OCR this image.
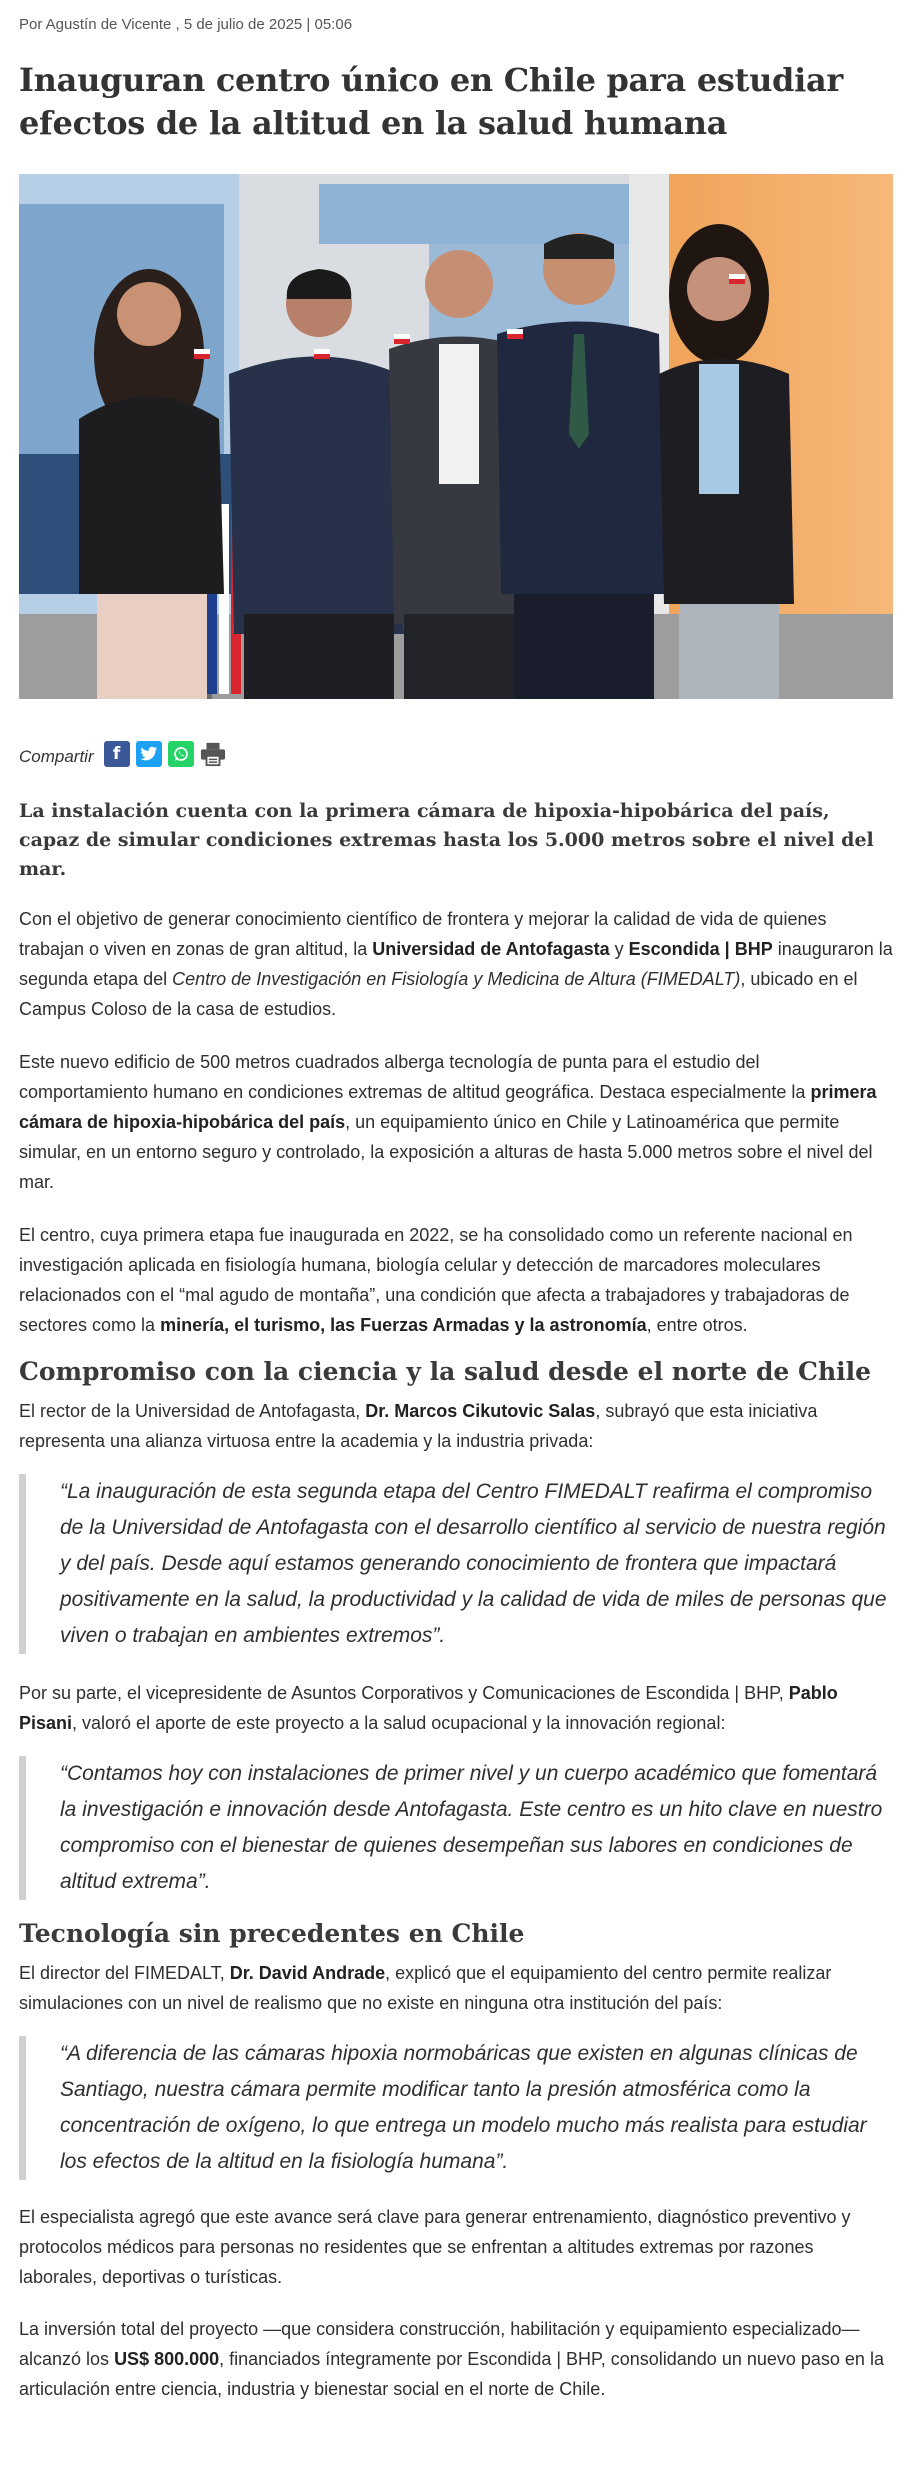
Por Agustín de Vicente , 5 de julio de 2025 | 05:06
Inauguran centro único en Chile para estudiar efectos de la altitud en la salud humana
Compartir	f
La instalación cuenta con la primera cámara de hipoxia-hipobárica del país, capaz de simular condiciones extremas hasta los 5.000 metros sobre el nivel del mar.

Con el objetivo de generar conocimiento científico de frontera y mejorar la calidad de vida de quienes trabajan o viven en zonas de gran altitud, la Universidad de Antofagasta y Escondida | BHP inauguraron la segunda etapa del Centro de Investigación en Fisiología y Medicina de Altura (FIMEDALT), ubicado en el Campus Coloso de la casa de estudios.

Este nuevo edificio de 500 metros cuadrados alberga tecnología de punta para el estudio del comportamiento humano en condiciones extremas de altitud geográfica. Destaca especialmente la primera cámara de hipoxia-hipobárica del país, un equipamiento único en Chile y Latinoamérica que permite simular, en un entorno seguro y controlado, la exposición a alturas de hasta 5.000 metros sobre el nivel del mar.

El centro, cuya primera etapa fue inaugurada en 2022, se ha consolidado como un referente nacional en investigación aplicada en fisiología humana, biología celular y detección de marcadores moleculares relacionados con el “mal agudo de montaña”, una condición que afecta a trabajadores y trabajadoras de sectores como la minería, el turismo, las Fuerzas Armadas y la astronomía, entre otros.

Compromiso con la ciencia y la salud desde el norte de Chile

El rector de la Universidad de Antofagasta, Dr. Marcos Cikutovic Salas, subrayó que esta iniciativa representa una alianza virtuosa entre la academia y la industria privada:

“La inauguración de esta segunda etapa del Centro FIMEDALT reafirma el compromiso de la Universidad de Antofagasta con el desarrollo científico al servicio de nuestra región y del país. Desde aquí estamos generando conocimiento de frontera que impactará positivamente en la salud, la productividad y la calidad de vida de miles de personas que viven o trabajan en ambientes extremos”.

Por su parte, el vicepresidente de Asuntos Corporativos y Comunicaciones de Escondida | BHP, Pablo Pisani, valoró el aporte de este proyecto a la salud ocupacional y la innovación regional:

“Contamos hoy con instalaciones de primer nivel y un cuerpo académico que fomentará la investigación e innovación desde Antofagasta. Este centro es un hito clave en nuestro compromiso con el bienestar de quienes desempeñan sus labores en condiciones de altitud extrema”.
Tecnología sin precedentes en Chile

El director del FIMEDALT, Dr. David Andrade, explicó que el equipamiento del centro permite realizar simulaciones con un nivel de realismo que no existe en ninguna otra institución del país:

“A diferencia de las cámaras hipoxia normobáricas que existen en algunas clínicas de Santiago, nuestra cámara permite modificar tanto la presión atmosférica como la concentración de oxígeno, lo que entrega un modelo mucho más realista para estudiar los efectos de la altitud en la fisiología humana”.

El especialista agregó que este avance será clave para generar entrenamiento, diagnóstico preventivo y protocolos médicos para personas no residentes que se enfrentan a altitudes extremas por razones laborales, deportivas o turísticas.

La inversión total del proyecto —que considera construcción, habilitación y equipamiento especializado— alcanzó los US$ 800.000, financiados íntegramente por Escondida | BHP, consolidando un nuevo paso en la articulación entre ciencia, industria y bienestar social en el norte de Chile.
